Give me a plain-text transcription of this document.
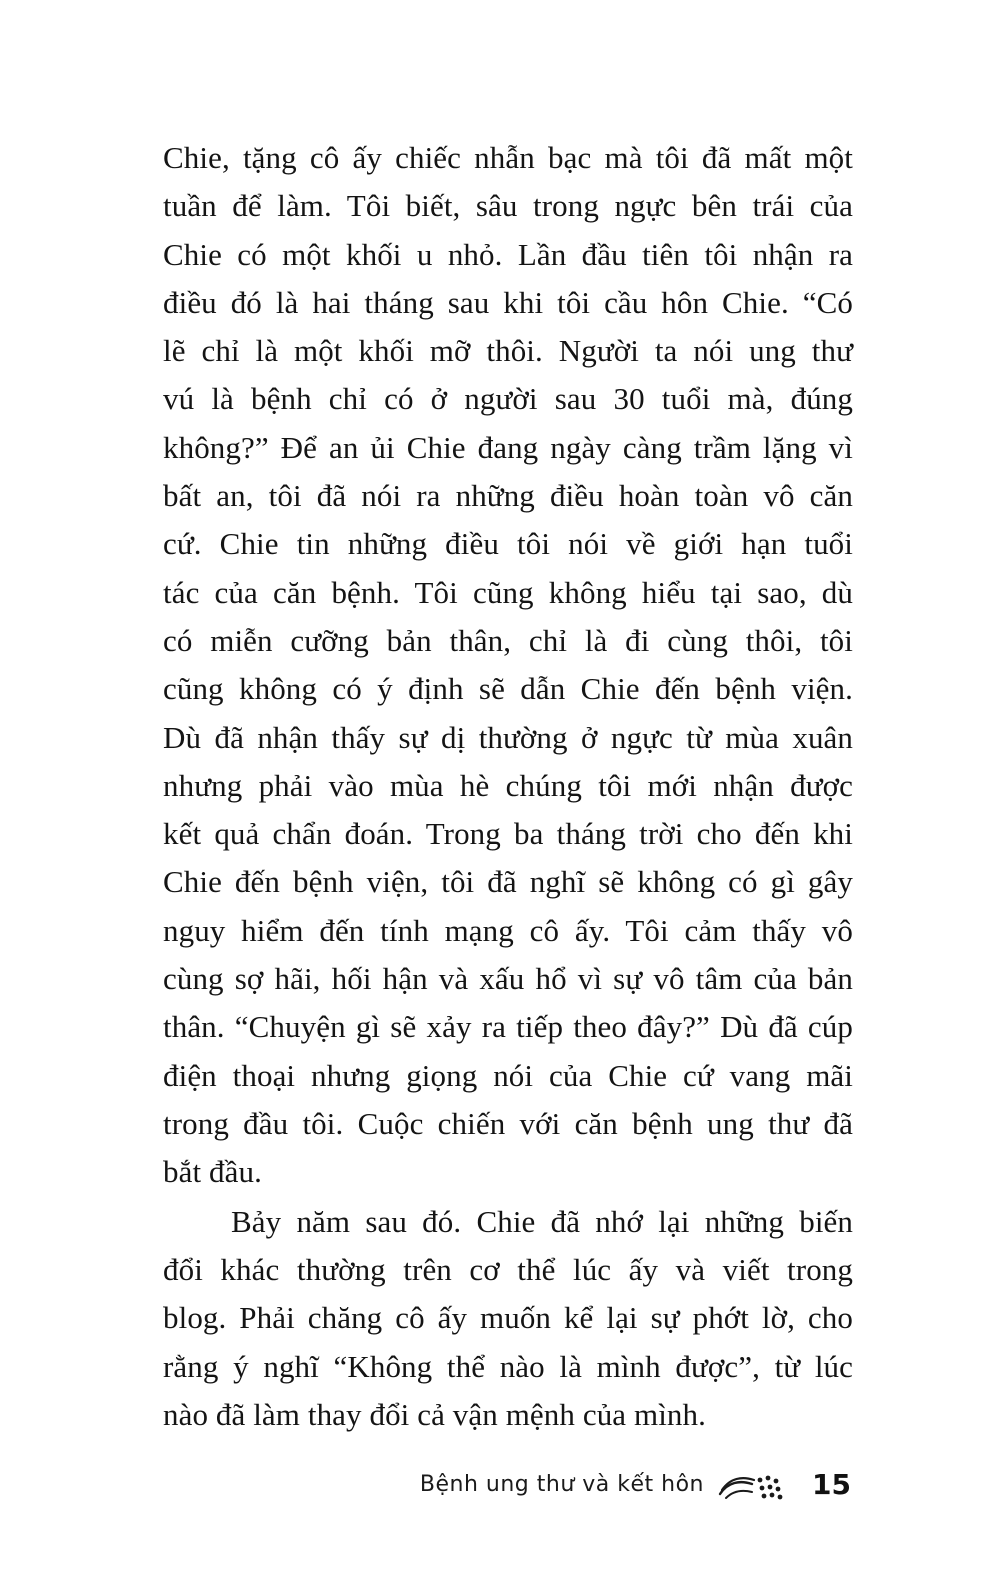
Chie, tặng cô ấy chiếc nhẫn bạc mà tôi đã mất một
tuần để làm. Tôi biết, sâu trong ngực bên trái của
Chie có một khối u nhỏ. Lần đầu tiên tôi nhận ra
điều đó là hai tháng sau khi tôi cầu hôn Chie. “Có
lẽ chỉ là một khối mỡ thôi. Người ta nói ung thư
vú là bệnh chỉ có ở người sau 30 tuổi mà, đúng
không?” Để an ủi Chie đang ngày càng trầm lặng vì
bất an, tôi đã nói ra những điều hoàn toàn vô căn
cứ. Chie tin những điều tôi nói về giới hạn tuổi
tác của căn bệnh. Tôi cũng không hiểu tại sao, dù
có miễn cưỡng bản thân, chỉ là đi cùng thôi, tôi
cũng không có ý định sẽ dẫn Chie đến bệnh viện.
Dù đã nhận thấy sự dị thường ở ngực từ mùa xuân
nhưng phải vào mùa hè chúng tôi mới nhận được
kết quả chẩn đoán. Trong ba tháng trời cho đến khi
Chie đến bệnh viện, tôi đã nghĩ sẽ không có gì gây
nguy hiểm đến tính mạng cô ấy. Tôi cảm thấy vô
cùng sợ hãi, hối hận và xấu hổ vì sự vô tâm của bản
thân. “Chuyện gì sẽ xảy ra tiếp theo đây?” Dù đã cúp
điện thoại nhưng giọng nói của Chie cứ vang mãi
trong đầu tôi. Cuộc chiến với căn bệnh ung thư đã
bắt đầu.
Bảy năm sau đó. Chie đã nhớ lại những biến
đổi khác thường trên cơ thể lúc ấy và viết trong
blog. Phải chăng cô ấy muốn kể lại sự phớt lờ, cho
rằng ý nghĩ “Không thể nào là mình được”, từ lúc
nào đã làm thay đổi cả vận mệnh của mình.
Bệnh ung thư và kết hôn	15
